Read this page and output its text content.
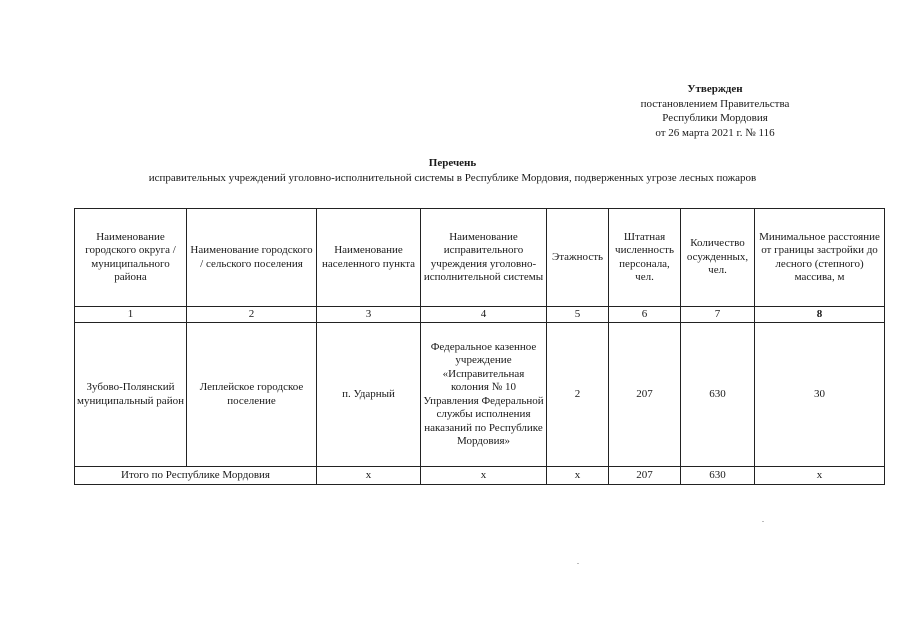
Утвержден
постановлением Правительства
Республики Мордовия
от 26 марта 2021 г. № 116
Перечень
исправительных учреждений уголовно-исполнительной системы в Республике Мордовия, подверженных угрозе лесных пожаров
Наименование городского округа / муниципального района	Наименование городского / сельского поселения	Наименование населенного пункта	Наименование исправительного учреждения уголовно-исполнительной системы	Этажность	Штатная численность персонала, чел.	Количество осужденных, чел.	Минимальное расстояние от границы застройки до лесного (степного) массива, м
1	2	3	4	5	6	7	8
Зубово-Полянский муниципальный район	Леплейское городское поселение	п. Ударный	Федеральное казенное учреждение «Исправительная колония № 10 Управления Федеральной службы исполнения наказаний по Республике Мордовия»	2	207	630	30
Итого по Республике Мордовия		x	x	x	207	630	x
